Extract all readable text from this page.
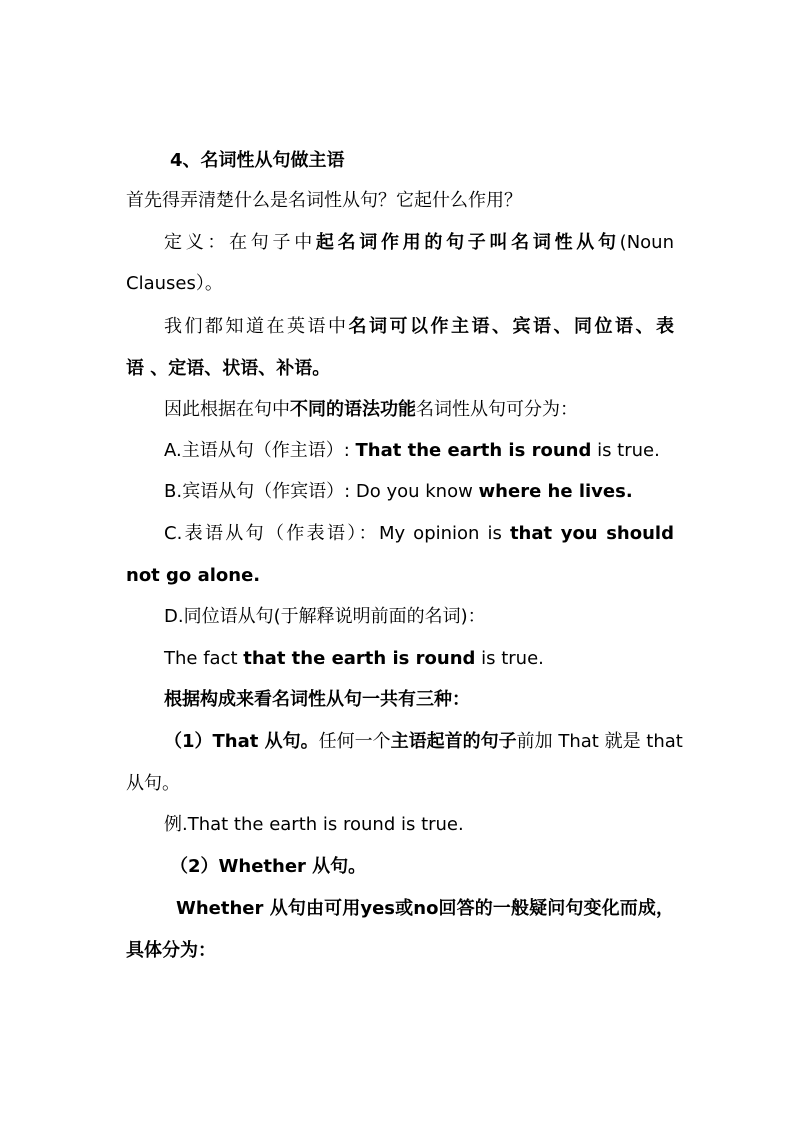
4、名词性从句做主语
首先得弄清楚什么是名词性从句？它起什么作用？
定义：在句子中起名词作用的句子叫名词性从句(Noun
Clauses）。
我们都知道在英语中名词可以作主语、宾语、同位语、表
语 、定语、状语、补语。
因此根据在句中不同的语法功能名词性从句可分为：
A.主语从句（作主语）: That the earth is round is true.
B.宾语从句（作宾语）: Do you know where he lives.
C.表语从句（作表语）：My opinion is that you should
not go alone.
D.同位语从句(于解释说明前面的名词)：
The fact that the earth is round is true.
根据构成来看名词性从句一共有三种：
（1）That 从句。任何一个主语起首的句子前加 That 就是 that
从句。
例.That the earth is round is true.
（2）Whether 从句。
Whether 从句由可用yes或no回答的一般疑问句变化而成，
具体分为：
